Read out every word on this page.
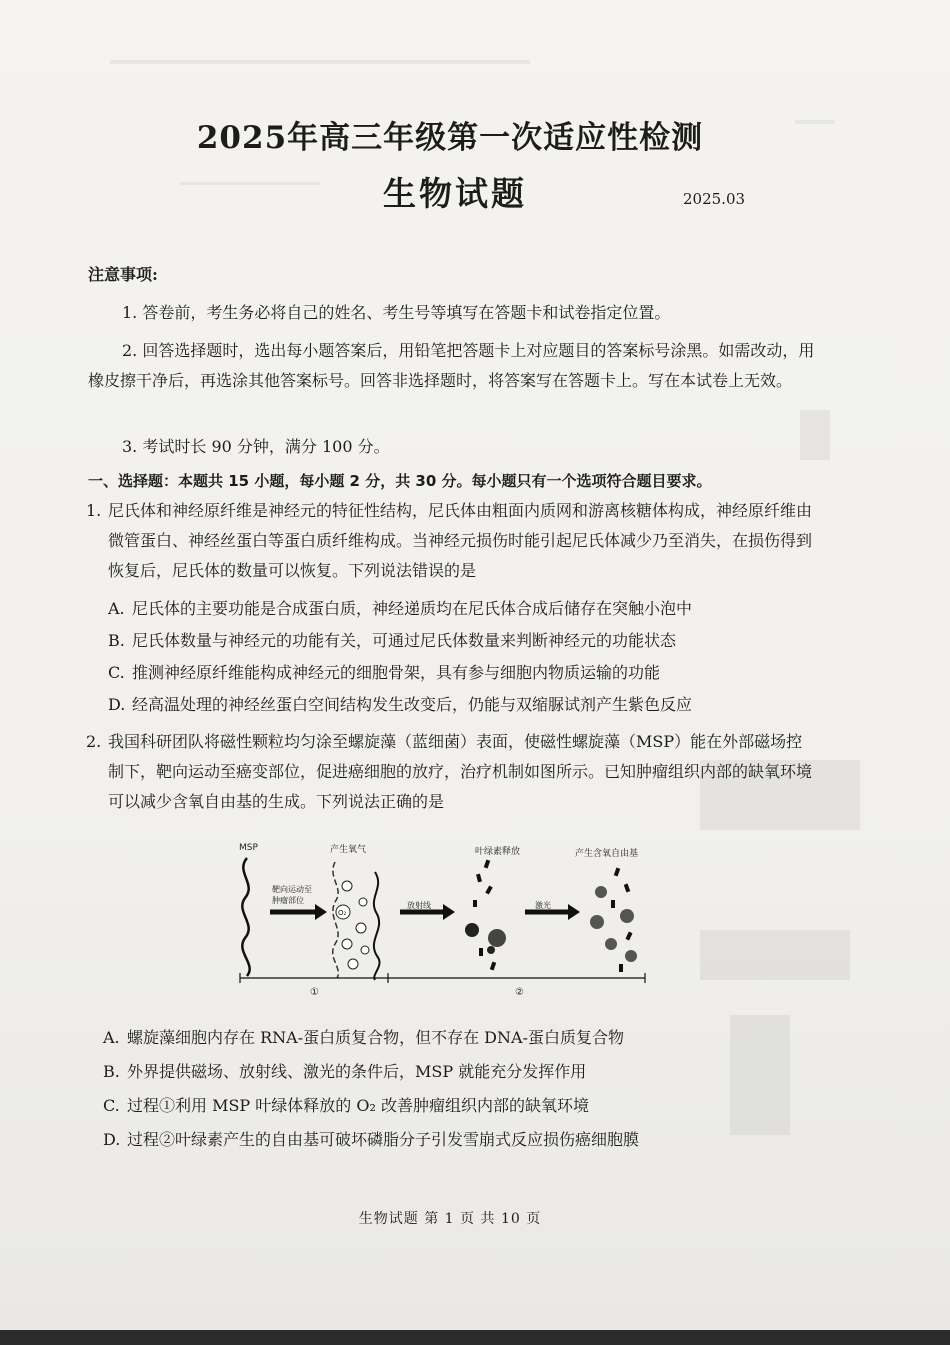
2025年高三年级第一次适应性检测
生物试题	2025.03
注意事项:
1. 答卷前，考生务必将自己的姓名、考生号等填写在答题卡和试卷指定位置。
2. 回答选择题时，选出每小题答案后，用铅笔把答题卡上对应题目的答案标号涂黑。如需改动，用橡皮擦干净后，再选涂其他答案标号。回答非选择题时，将答案写在答题卡上。写在本试卷上无效。
3. 考试时长 90 分钟，满分 100 分。
一、选择题：本题共 15 小题，每小题 2 分，共 30 分。每小题只有一个选项符合题目要求。
1. 尼氏体和神经原纤维是神经元的特征性结构，尼氏体由粗面内质网和游离核糖体构成，神经原纤维由微管蛋白、神经丝蛋白等蛋白质纤维构成。当神经元损伤时能引起尼氏体减少乃至消失，在损伤得到恢复后，尼氏体的数量可以恢复。下列说法错误的是
A. 尼氏体的主要功能是合成蛋白质，神经递质均在尼氏体合成后储存在突触小泡中
B. 尼氏体数量与神经元的功能有关，可通过尼氏体数量来判断神经元的功能状态
C. 推测神经原纤维能构成神经元的细胞骨架，具有参与细胞内物质运输的功能
D. 经高温处理的神经丝蛋白空间结构发生改变后，仍能与双缩脲试剂产生紫色反应
2. 我国科研团队将磁性颗粒均匀涂至螺旋藻（蓝细菌）表面，使磁性螺旋藻（MSP）能在外部磁场控制下，靶向运动至癌变部位，促进癌细胞的放疗，治疗机制如图所示。已知肿瘤组织内部的缺氧环境可以减少含氧自由基的生成。下列说法正确的是
MSP	产生氧气	叶绿素释放	产生含氧自由基
靶向运动至
肿瘤部位
放射线	激光
①	②
O₂
A. 螺旋藻细胞内存在 RNA-蛋白质复合物，但不存在 DNA-蛋白质复合物
B. 外界提供磁场、放射线、激光的条件后，MSP 就能充分发挥作用
C. 过程①利用 MSP 叶绿体释放的 O₂ 改善肿瘤组织内部的缺氧环境
D. 过程②叶绿素产生的自由基可破坏磷脂分子引发雪崩式反应损伤癌细胞膜
生物试题 第 1 页 共 10 页
